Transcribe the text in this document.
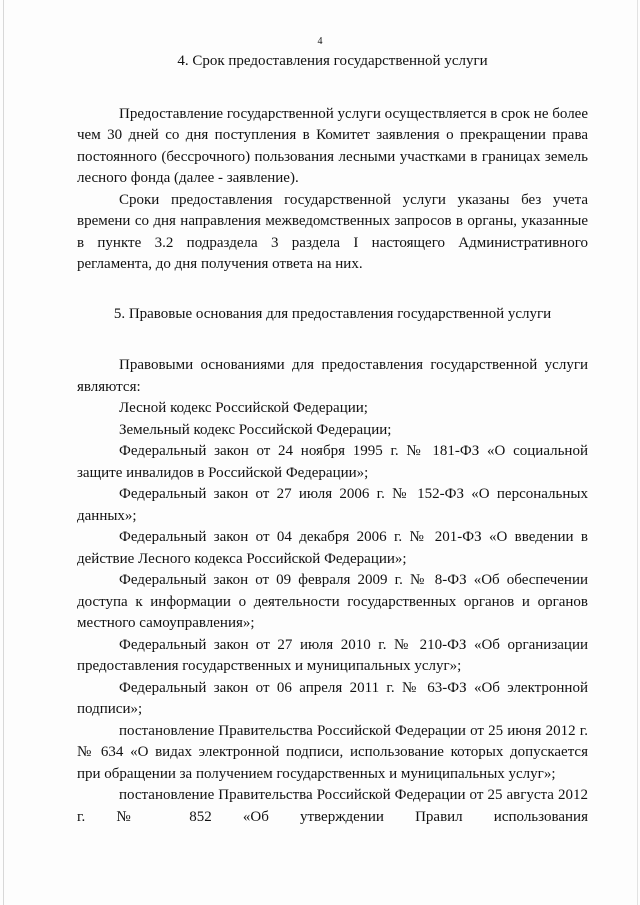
4
4. Срок предоставления государственной услуги

Предоставление государственной услуги осуществляется в срок не более чем 30 дней со дня поступления в Комитет заявления о прекращении права постоянного (бессрочного) пользования лесными участками в границах земель лесного фонда (далее - заявление).

Сроки предоставления государственной услуги указаны без учета времени со дня направления межведомственных запросов в органы, указанные в пункте 3.2 подраздела 3 раздела I настоящего Административного регламента, до дня получения ответа на них.

5. Правовые основания для предоставления государственной услуги

Правовыми основаниями для предоставления государственной услуги являются:

Лесной кодекс Российской Федерации;

Земельный кодекс Российской Федерации;

Федеральный закон от 24 ноября 1995 г. № 181-ФЗ «О социальной защите инвалидов в Российской Федерации»;

Федеральный закон от 27 июля 2006 г. № 152-ФЗ «О персональных данных»;

Федеральный закон от 04 декабря 2006 г. № 201-ФЗ «О введении в действие Лесного кодекса Российской Федерации»;

Федеральный закон от 09 февраля 2009 г. № 8-ФЗ «Об обеспечении доступа к информации о деятельности государственных органов и органов местного самоуправления»;

Федеральный закон от 27 июля 2010 г. № 210-ФЗ «Об организации предоставления государственных и муниципальных услуг»;

Федеральный закон от 06 апреля 2011 г. № 63-ФЗ «Об электронной подписи»;

постановление Правительства Российской Федерации от 25 июня 2012 г. № 634 «О видах электронной подписи, использование которых допускается при обращении за получением государственных и муниципальных услуг»;

постановление Правительства Российской Федерации от 25 августа 2012 г. № 852 «Об утверждении Правил использования
